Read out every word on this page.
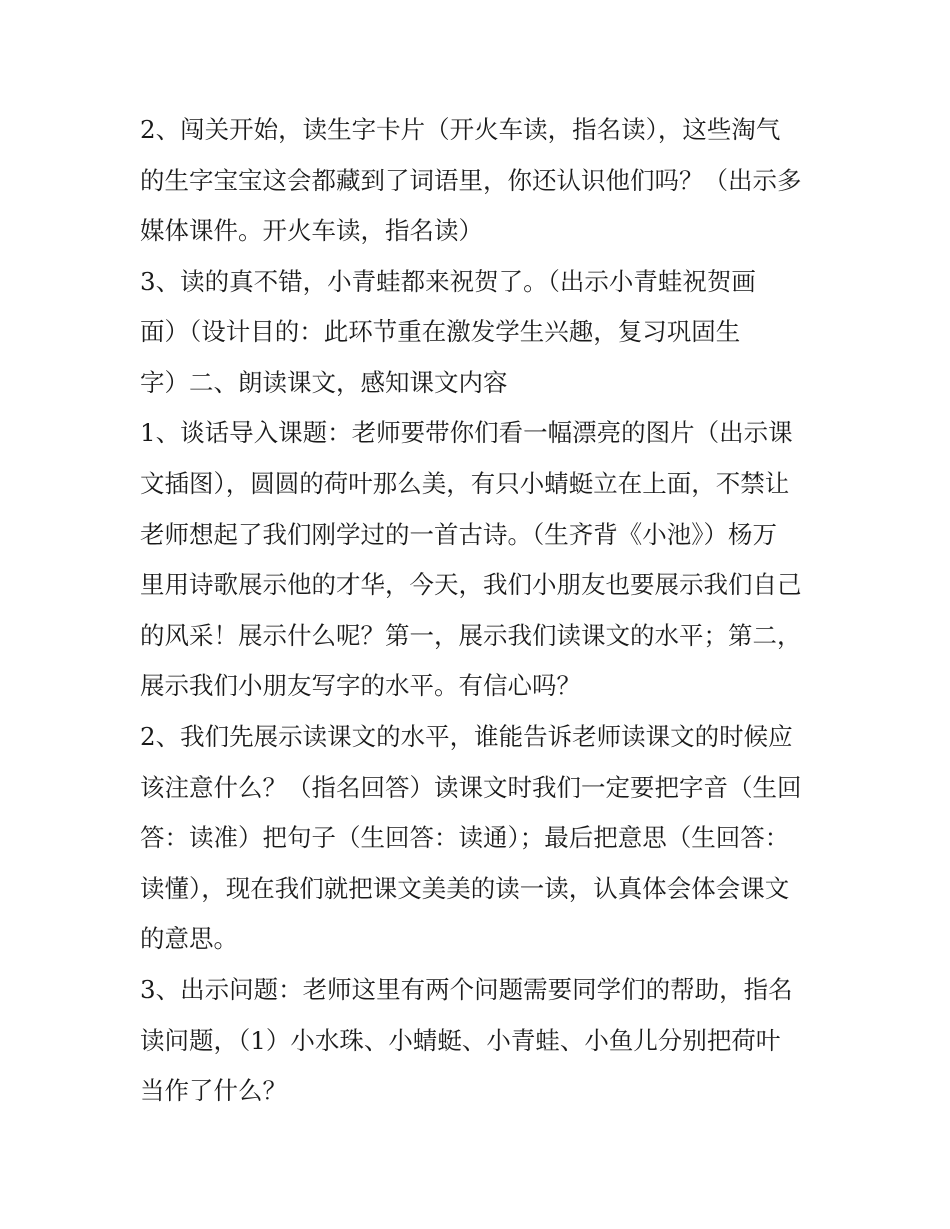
2、闯关开始，读生字卡片（开火车读，指名读），这些淘气
的生字宝宝这会都藏到了词语里，你还认识他们吗？（出示多
媒体课件。开火车读，指名读）
3、读的真不错，小青蛙都来祝贺了。（出示小青蛙祝贺画
面）（设计目的：此环节重在激发学生兴趣，复习巩固生
字）二、朗读课文，感知课文内容
1、谈话导入课题：老师要带你们看一幅漂亮的图片（出示课
文插图），圆圆的荷叶那么美，有只小蜻蜓立在上面，不禁让
老师想起了我们刚学过的一首古诗。（生齐背《小池》）杨万
里用诗歌展示他的才华，今天，我们小朋友也要展示我们自己
的风采！展示什么呢？第一，展示我们读课文的水平；第二，
展示我们小朋友写字的水平。有信心吗？
2、我们先展示读课文的水平，谁能告诉老师读课文的时候应
该注意什么？（指名回答）读课文时我们一定要把字音（生回
答：读准）把句子（生回答：读通）；最后把意思（生回答：
读懂），现在我们就把课文美美的读一读，认真体会体会课文
的意思。
3、出示问题：老师这里有两个问题需要同学们的帮助，指名
读问题，（1）小水珠、小蜻蜓、小青蛙、小鱼儿分别把荷叶
当作了什么？
